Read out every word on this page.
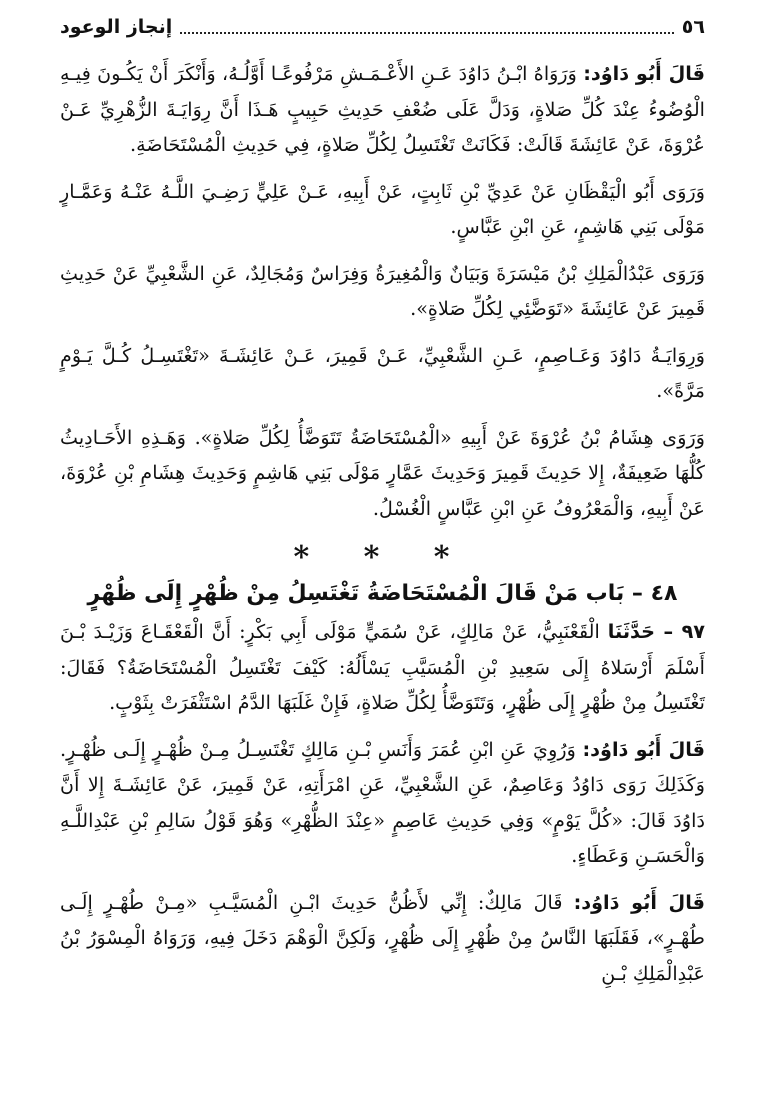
٥٦
إنجاز الوعود

قَالَ أَبُو دَاوُد: وَرَوَاهُ ابْـنُ دَاوُدَ عَـنِ الأَعْـمَـشِ مَرْفُوعًـا أَوَّلُـهُ، وَأَنْكَرَ أَنْ يَكُـونَ فِيـهِ الْوُضُوءُ عِنْدَ كُلِّ صَلاةٍ، وَدَلَّ عَلَى ضُعْفِ حَدِيثِ حَبِيبٍ هَـذَا أَنَّ رِوَايَـةَ الزُّهْرِيِّ عَـنْ عُرْوَةَ، عَنْ عَائِشَةَ قَالَتْ: فَكَانَتْ تَغْتَسِلُ لِكُلِّ صَلاةٍ، فِي حَدِيثِ الْمُسْتَحَاضَةِ.

وَرَوَى أَبُو الْيَقْظَانِ عَنْ عَدِيِّ بْنِ ثَابِتٍ، عَنْ أَبِيهِ، عَـنْ عَلِيٍّ رَضِـيَ اللَّـهُ عَنْـهُ وَعَمَّـارٍ مَوْلَى بَنِي هَاشِمٍ، عَنِ ابْنِ عَبَّاسٍ.

وَرَوَى عَبْدُالْمَلِكِ بْنُ مَيْسَرَةَ وَبَيَانٌ وَالْمُغِيرَةُ وَفِرَاسٌ وَمُجَالِدٌ، عَنِ الشَّعْبِيِّ عَنْ حَدِيثِ قَمِيرَ عَنْ عَائِشَةَ «تَوَضَّئِي لِكُلِّ صَلاةٍ».

وَرِوَايَـةُ دَاوُدَ وَعَـاصِمٍ، عَـنِ الشَّعْبِيِّ، عَـنْ قَمِيرَ، عَـنْ عَائِشَـةَ «تَغْتَسِـلُ كُـلَّ يَـوْمٍ مَرَّةً».

وَرَوَى هِشَامُ بْنُ عُرْوَةَ عَنْ أَبِيهِ «الْمُسْتَحَاضَةُ تَتَوَضَّأُ لِكُلِّ صَلاةٍ». وَهَـذِهِ الأَحَـادِيثُ كُلُّهَا ضَعِيفَةٌ، إِلا حَدِيثَ قَمِيرَ وَحَدِيثَ عَمَّارٍ مَوْلَى بَنِي هَاشِمٍ وَحَدِيثَ هِشَامِ بْنِ عُرْوَةَ، عَنْ أَبِيهِ، وَالْمَعْرُوفُ عَنِ ابْنِ عَبَّاسٍ الْغُسْلُ.

* * *
٤٨ – بَاب مَنْ قَالَ الْمُسْتَحَاضَةُ تَغْتَسِلُ مِنْ ظُهْرٍ إِلَى ظُهْرٍ

٩٧ – حَدَّثَنَا الْقَعْنَبِيُّ، عَنْ مَالِكٍ، عَنْ سُمَيٍّ مَوْلَى أَبِي بَكْرٍ: أَنَّ الْقَعْقَـاعَ وَزَيْـدَ بْـنَ أَسْلَمَ أَرْسَلاهُ إِلَى سَعِيدِ بْنِ الْمُسَيَّبِ يَسْأَلُهُ: كَيْفَ تَغْتَسِلُ الْمُسْتَحَاضَةُ؟ فَقَالَ: تَغْتَسِلُ مِنْ ظُهْرٍ إِلَى ظُهْرٍ، وَتَتَوَضَّأُ لِكُلِّ صَلاةٍ، فَإِنْ غَلَبَهَا الدَّمُ اسْتَثْفَرَتْ بِثَوْبٍ.

قَالَ أَبُو دَاوُد: وَرُوِيَ عَنِ ابْنِ عُمَرَ وَأَنَسِ بْـنِ مَالِكٍ تَغْتَسِـلُ مِـنْ ظُهْـرٍ إِلَـى ظُهْـرٍ. وَكَذَلِكَ رَوَى دَاوُدُ وَعَاصِمٌ، عَنِ الشَّعْبِيِّ، عَنِ امْرَأَتِهِ، عَنْ قَمِيرَ، عَنْ عَائِشَـةَ إِلا أَنَّ دَاوُدَ قَالَ: «كُلَّ يَوْمٍ» وَفِي حَدِيثِ عَاصِمٍ «عِنْدَ الظُّهْرِ» وَهُوَ قَوْلُ سَالِمِ بْنِ عَبْدِاللَّـهِ وَالْحَسَـنِ وَعَطَاءٍ.

قَالَ أَبُو دَاوُد: قَالَ مَالِكٌ: إِنِّي لأَظُنُّ حَدِيثَ ابْـنِ الْمُسَيَّـبِ «مِـنْ طُهْـرٍ إِلَـى طُهْـرٍ»، فَقَلَبَهَا النَّاسُ مِنْ ظُهْرٍ إِلَى ظُهْرٍ، وَلَكِنَّ الْوَهْمَ دَخَلَ فِيهِ، وَرَوَاهُ الْمِسْوَرُ بْنُ عَبْدِالْمَلِكِ بْـنِ
